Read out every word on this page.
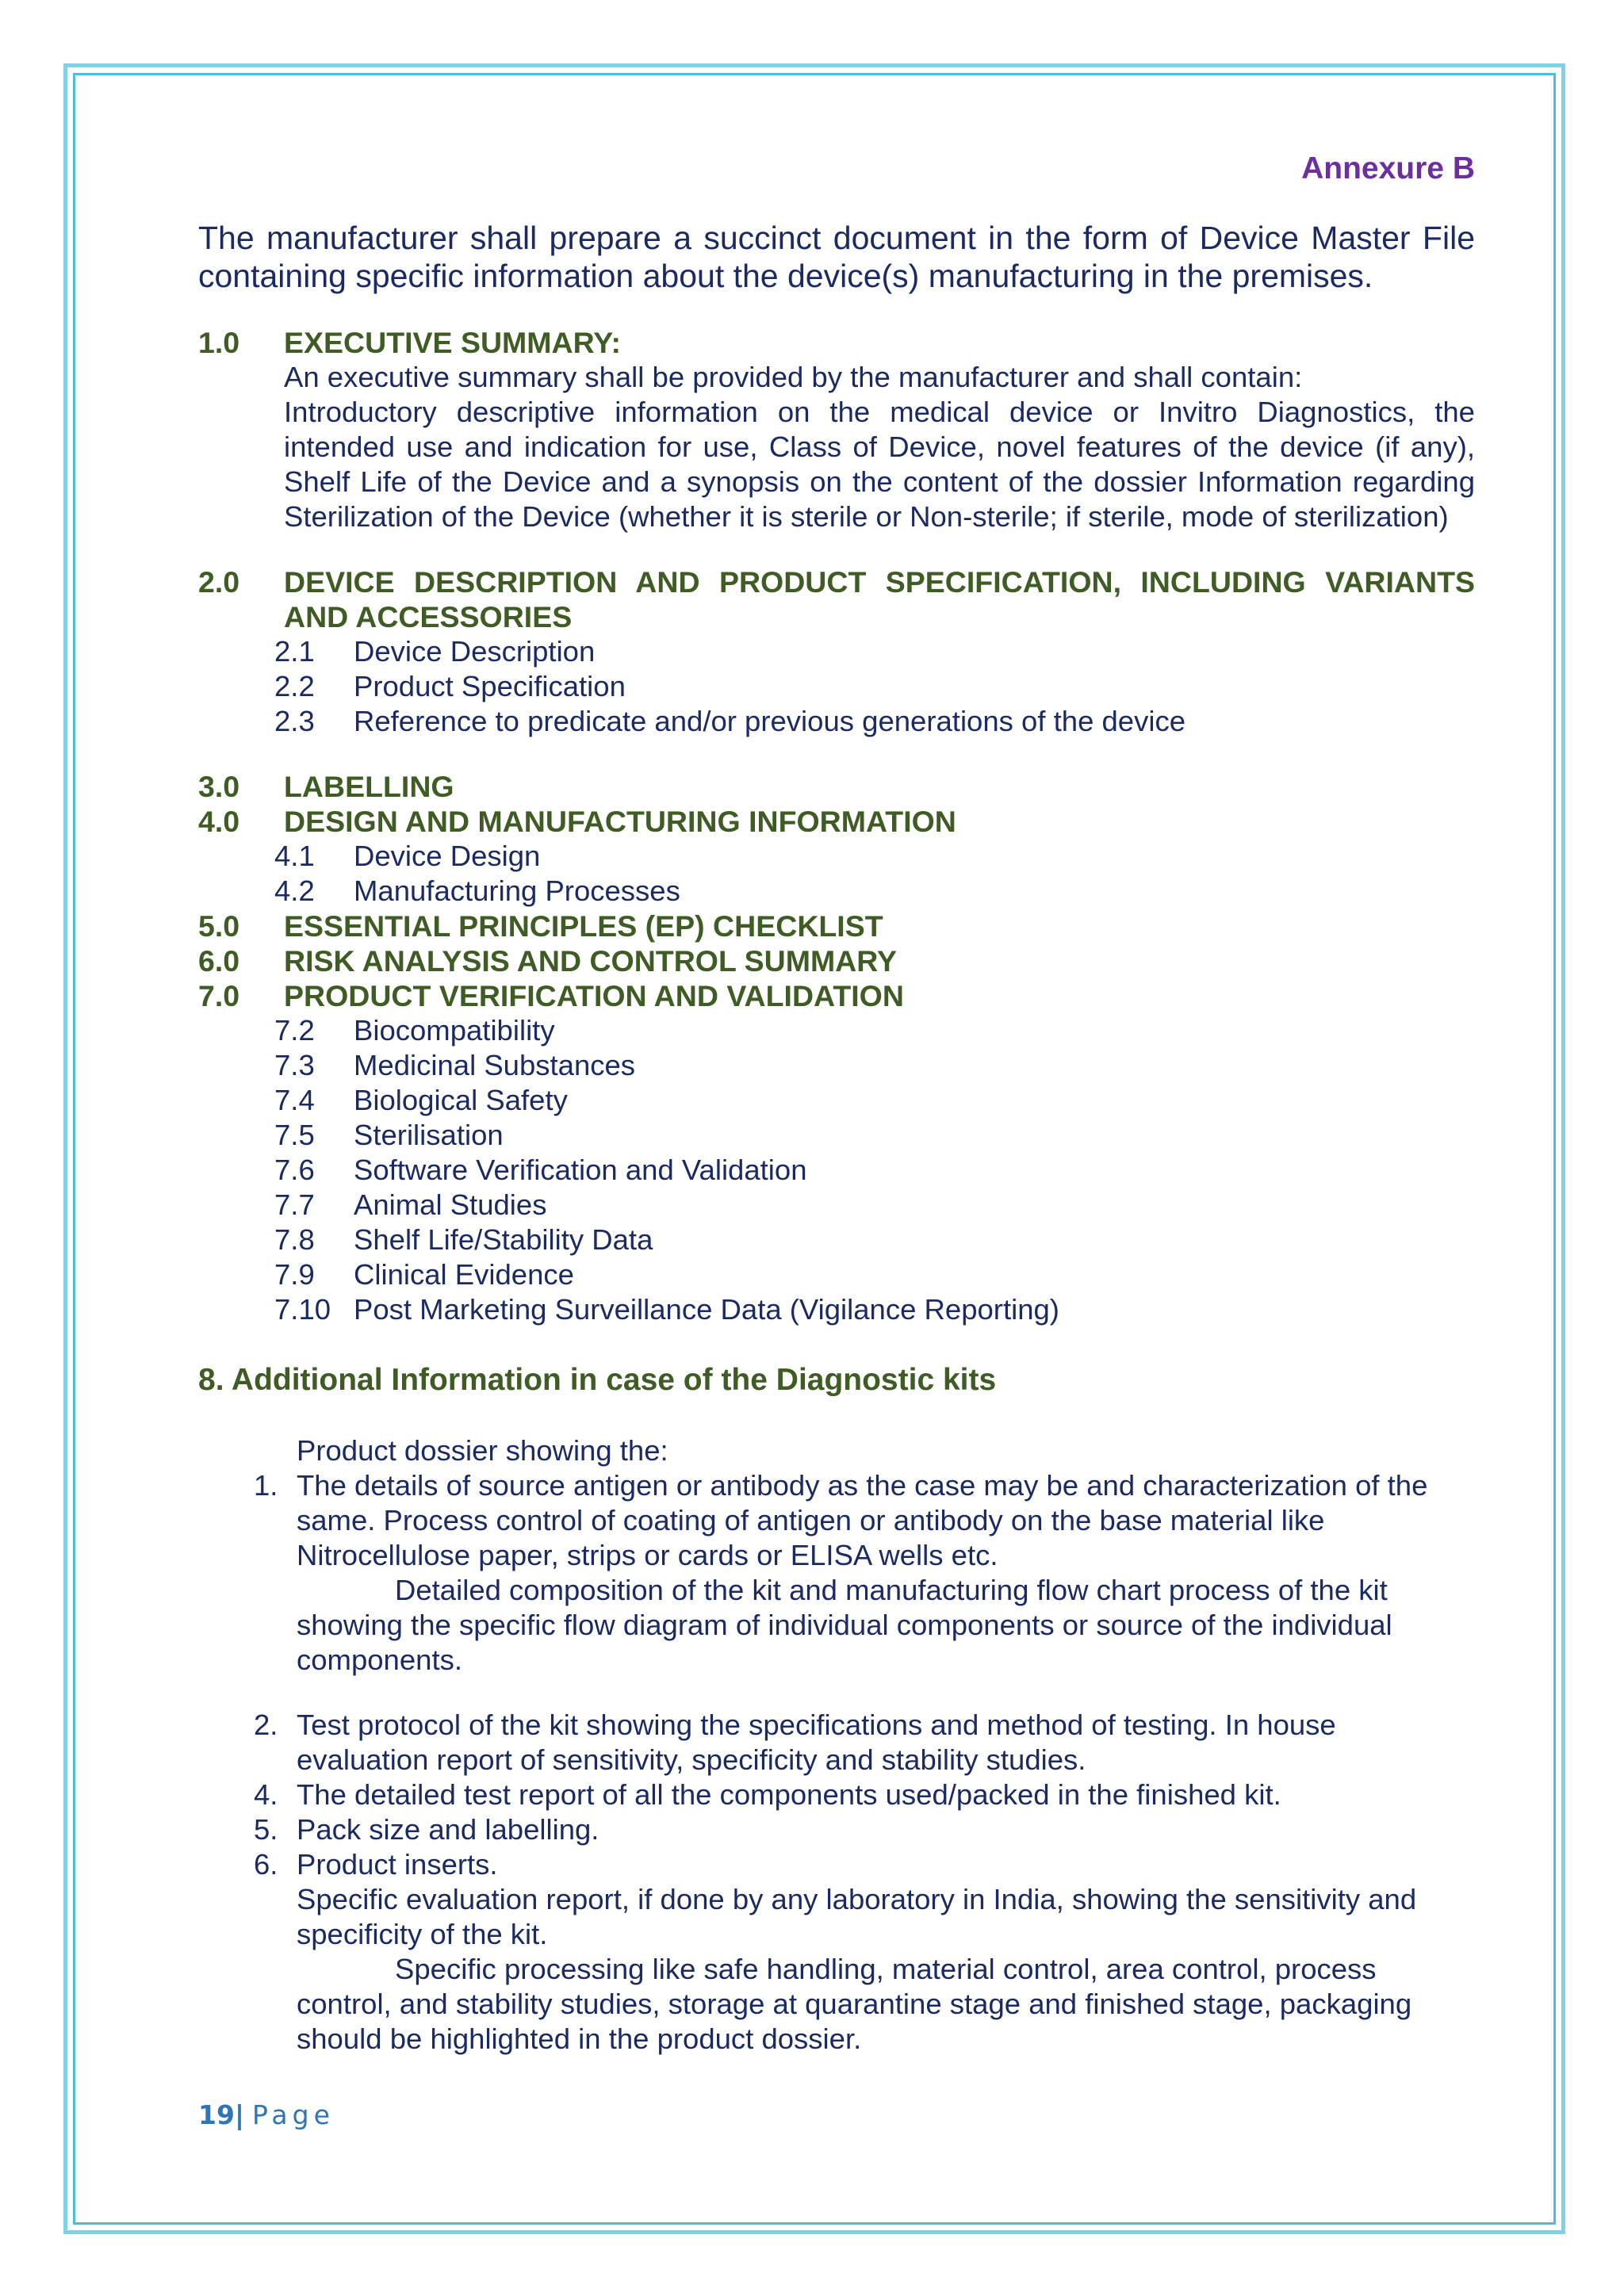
Annexure B
The manufacturer shall prepare a succinct document in the form of Device Master File containing specific information about the device(s) manufacturing in the premises.
1.0	EXECUTIVE SUMMARY:
An executive summary shall be provided by the manufacturer and shall contain:
Introductory descriptive information on the medical device or Invitro Diagnostics, the intended use and indication for use, Class of Device, novel features of the device (if any), Shelf Life of the Device and a synopsis on the content of the dossier Information regarding Sterilization of the Device (whether it is sterile or Non-sterile; if sterile, mode of sterilization)
2.0	DEVICE DESCRIPTION AND PRODUCT SPECIFICATION, INCLUDING VARIANTS AND ACCESSORIES
2.1	Device Description
2.2	Product Specification
2.3	Reference to predicate and/or previous generations of the device
3.0	LABELLING
4.0	DESIGN AND MANUFACTURING INFORMATION
4.1	Device Design
4.2	Manufacturing Processes
5.0	ESSENTIAL PRINCIPLES (EP) CHECKLIST
6.0	RISK ANALYSIS AND CONTROL SUMMARY
7.0	PRODUCT VERIFICATION AND VALIDATION
7.2	Biocompatibility
7.3	Medicinal Substances
7.4	Biological Safety
7.5	Sterilisation
7.6	Software Verification and Validation
7.7	Animal Studies
7.8	Shelf Life/Stability Data
7.9	Clinical Evidence
7.10 Post Marketing Surveillance Data (Vigilance Reporting)
8. Additional Information in case of the Diagnostic kits
Product dossier showing the:
1. The details of source antigen or antibody as the case may be and characterization of the same. Process control of coating of antigen or antibody on the base material like Nitrocellulose paper, strips or cards or ELISA wells etc.
Detailed composition of the kit and manufacturing flow chart process of the kit showing the specific flow diagram of individual components or source of the individual components.
2. Test protocol of the kit showing the specifications and method of testing. In house evaluation report of sensitivity, specificity and stability studies.
4. The detailed test report of all the components used/packed in the finished kit.
5. Pack size and labelling.
6. Product inserts.
Specific evaluation report, if done by any laboratory in India, showing the sensitivity and specificity of the kit.
Specific processing like safe handling, material control, area control, process control, and stability studies, storage at quarantine stage and finished stage, packaging should be highlighted in the product dossier.
19| Page
